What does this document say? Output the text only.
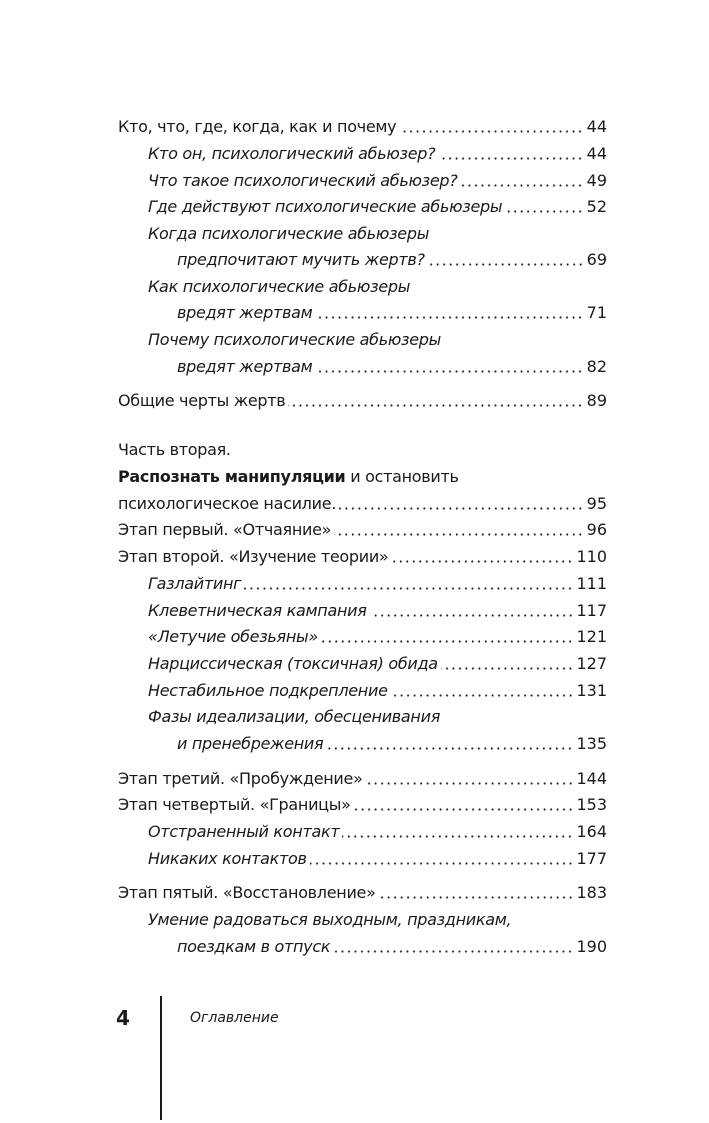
Кто, что, где, когда, как и почему	44
Кто он, психологический абьюзер?	44
Что такое психологический абьюзер?	49
Где действуют психологические абьюзеры	52
Когда психологические абьюзеры
предпочитают мучить жертв?	69
Как психологические абьюзеры
вредят жертвам	71
Почему психологические абьюзеры
вредят жертвам	82
Общие черты жертв	89
Часть вторая.
Распознать манипуляции и остановить
психологическое насилие.	95
Этап первый. «Отчаяние»	96
Этап второй. «Изучение теории»	110
Газлайтинг	111
Клеветническая кампания	117
«Летучие обезьяны»	121
Нарциссическая (токсичная) обида	127
Нестабильное подкрепление	131
Фазы идеализации, обесценивания
и пренебрежения	135
Этап третий. «Пробуждение»	144
Этап четвертый. «Границы»	153
Отстраненный контакт	164
Никаких контактов	177
Этап пятый. «Восстановление»	183
Умение радоваться выходным, праздникам,
поездкам в отпуск	190
4	Оглавление
